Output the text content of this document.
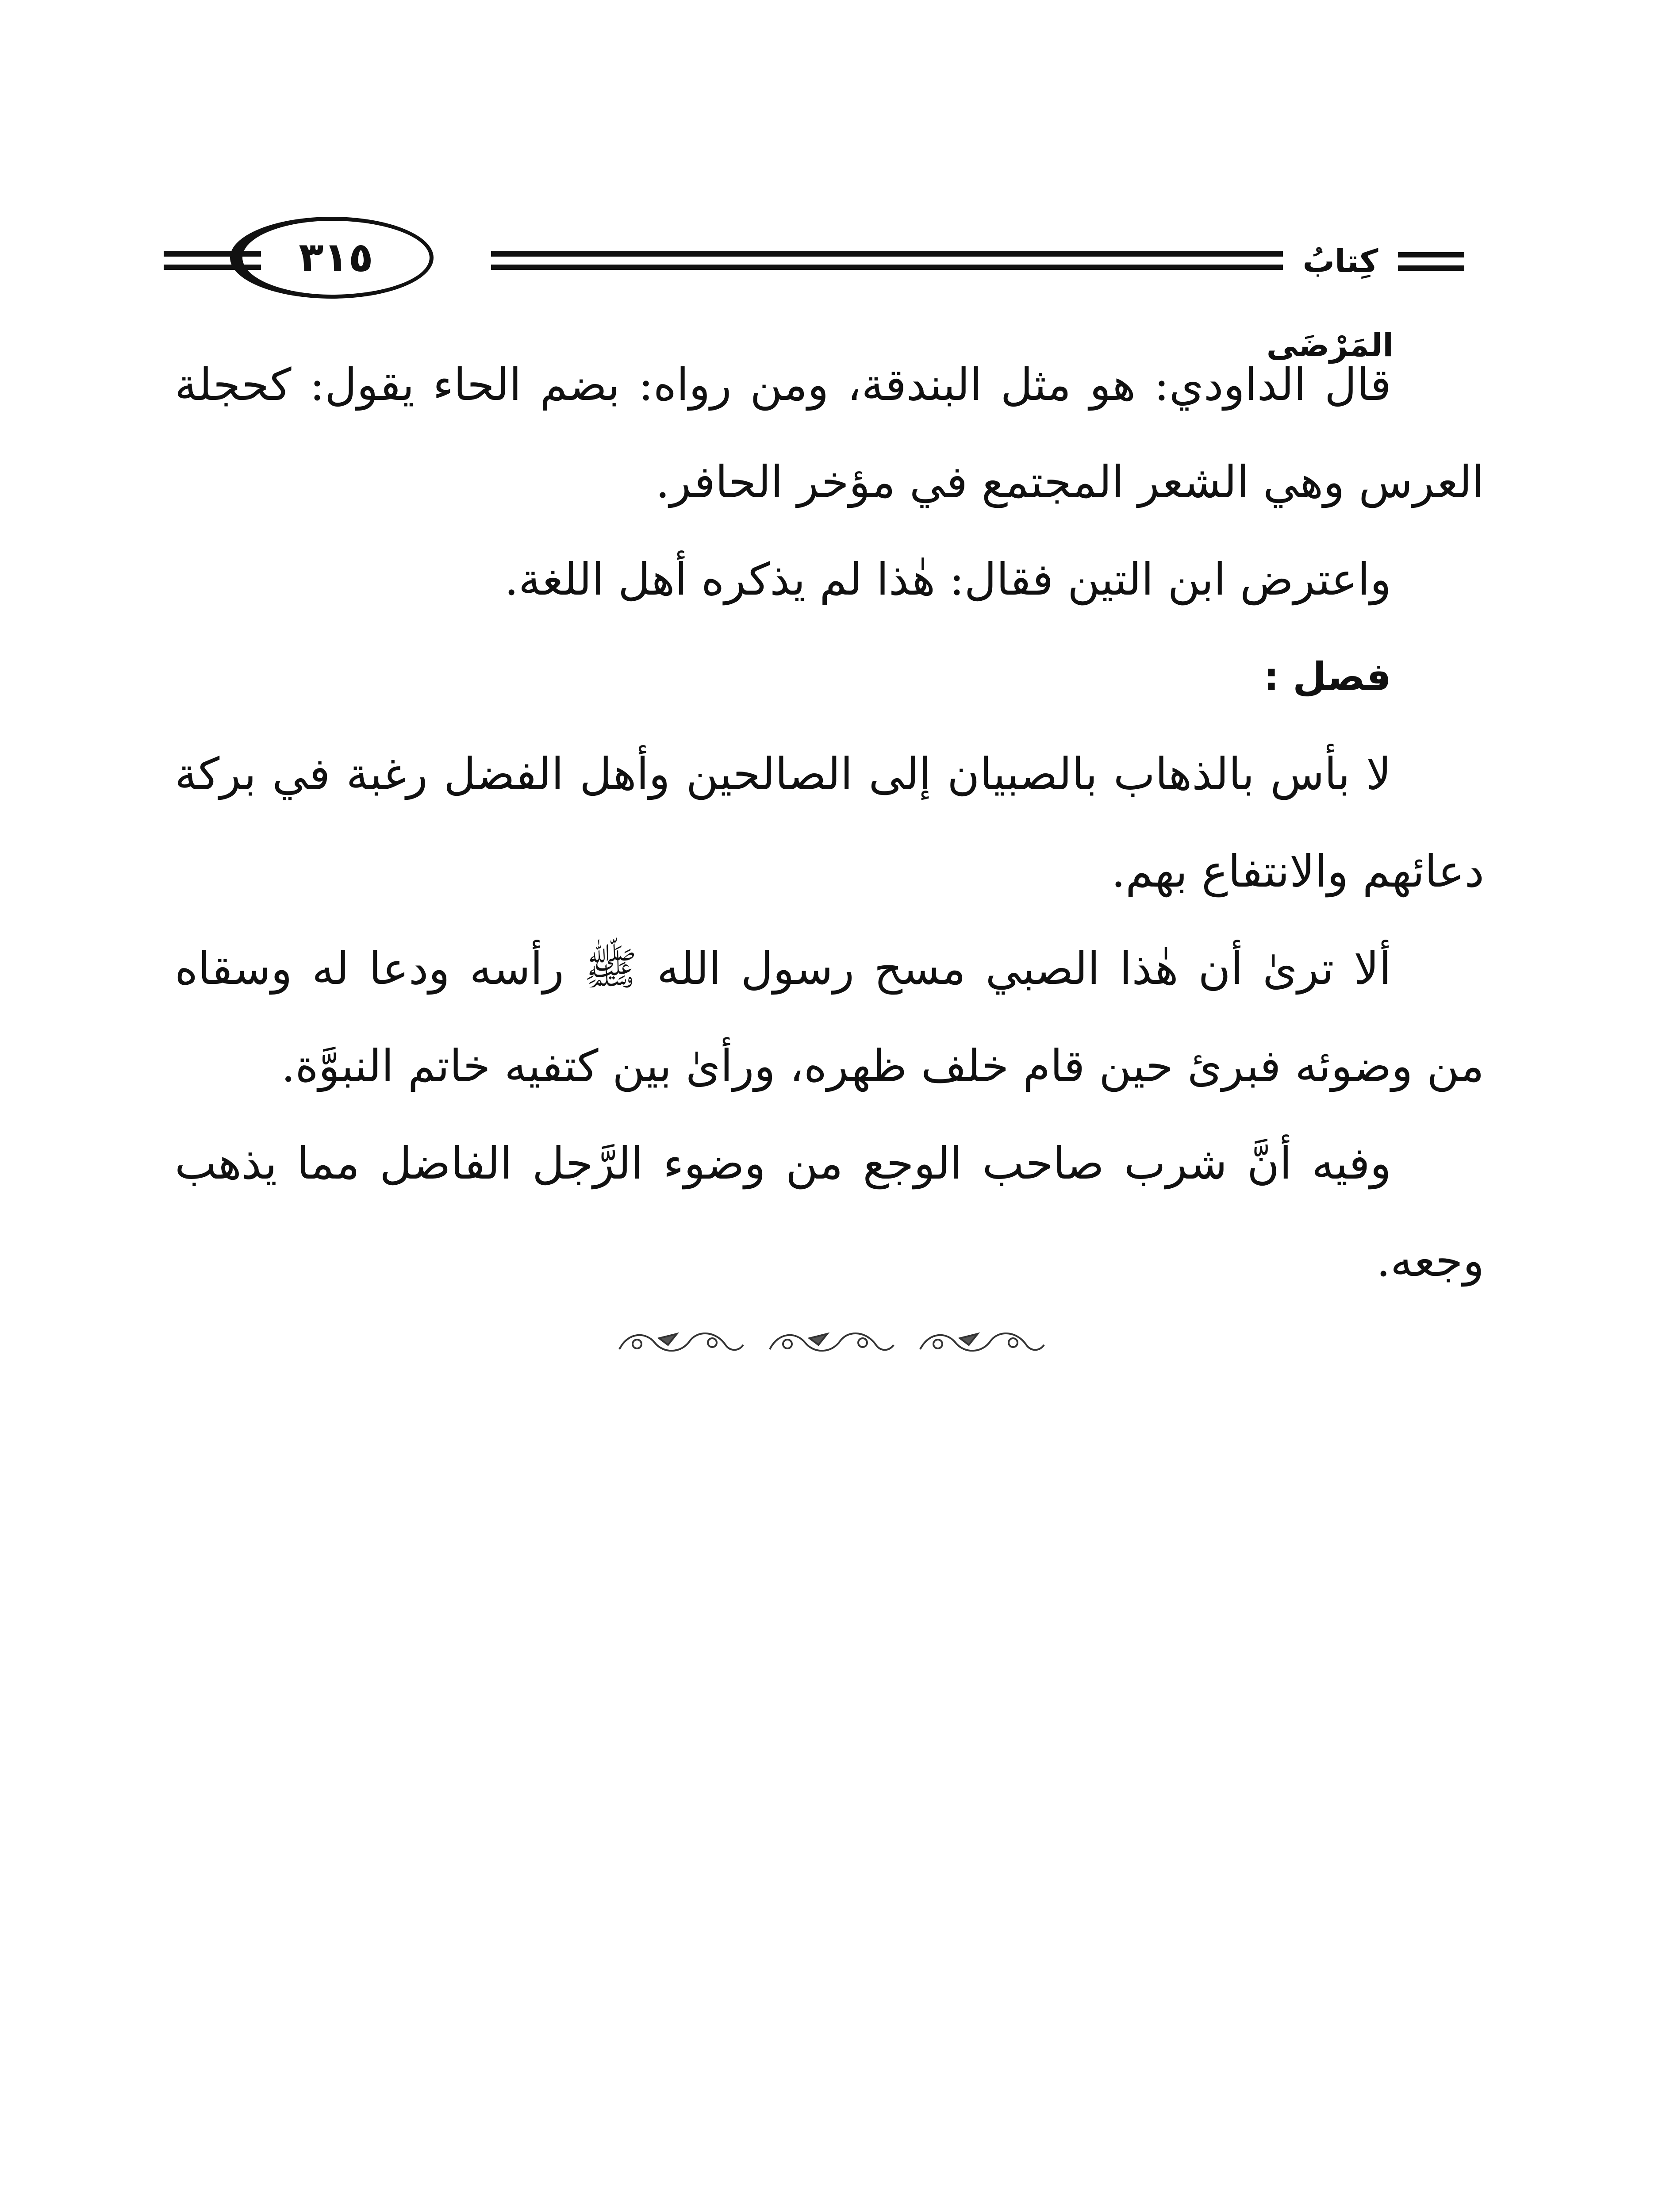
كِتابُ المَرْضَى
٣١٥

قال الداودي: هو مثل البندقة، ومن رواه: بضم الحاء يقول: كحجلة العرس وهي الشعر المجتمع في مؤخر الحافر.

واعترض ابن التين فقال: هٰذا لم يذكره أهل اللغة.

فصل :

لا بأس بالذهاب بالصبيان إلى الصالحين وأهل الفضل رغبة في بركة دعائهم والانتفاع بهم.

ألا ترىٰ أن هٰذا الصبي مسح رسول الله ﷺ رأسه ودعا له وسقاه من وضوئه فبرئ حين قام خلف ظهره، ورأىٰ بين كتفيه خاتم النبوَّة.

وفيه أنَّ شرب صاحب الوجع من وضوء الرَّجل الفاضل مما يذهب وجعه.
